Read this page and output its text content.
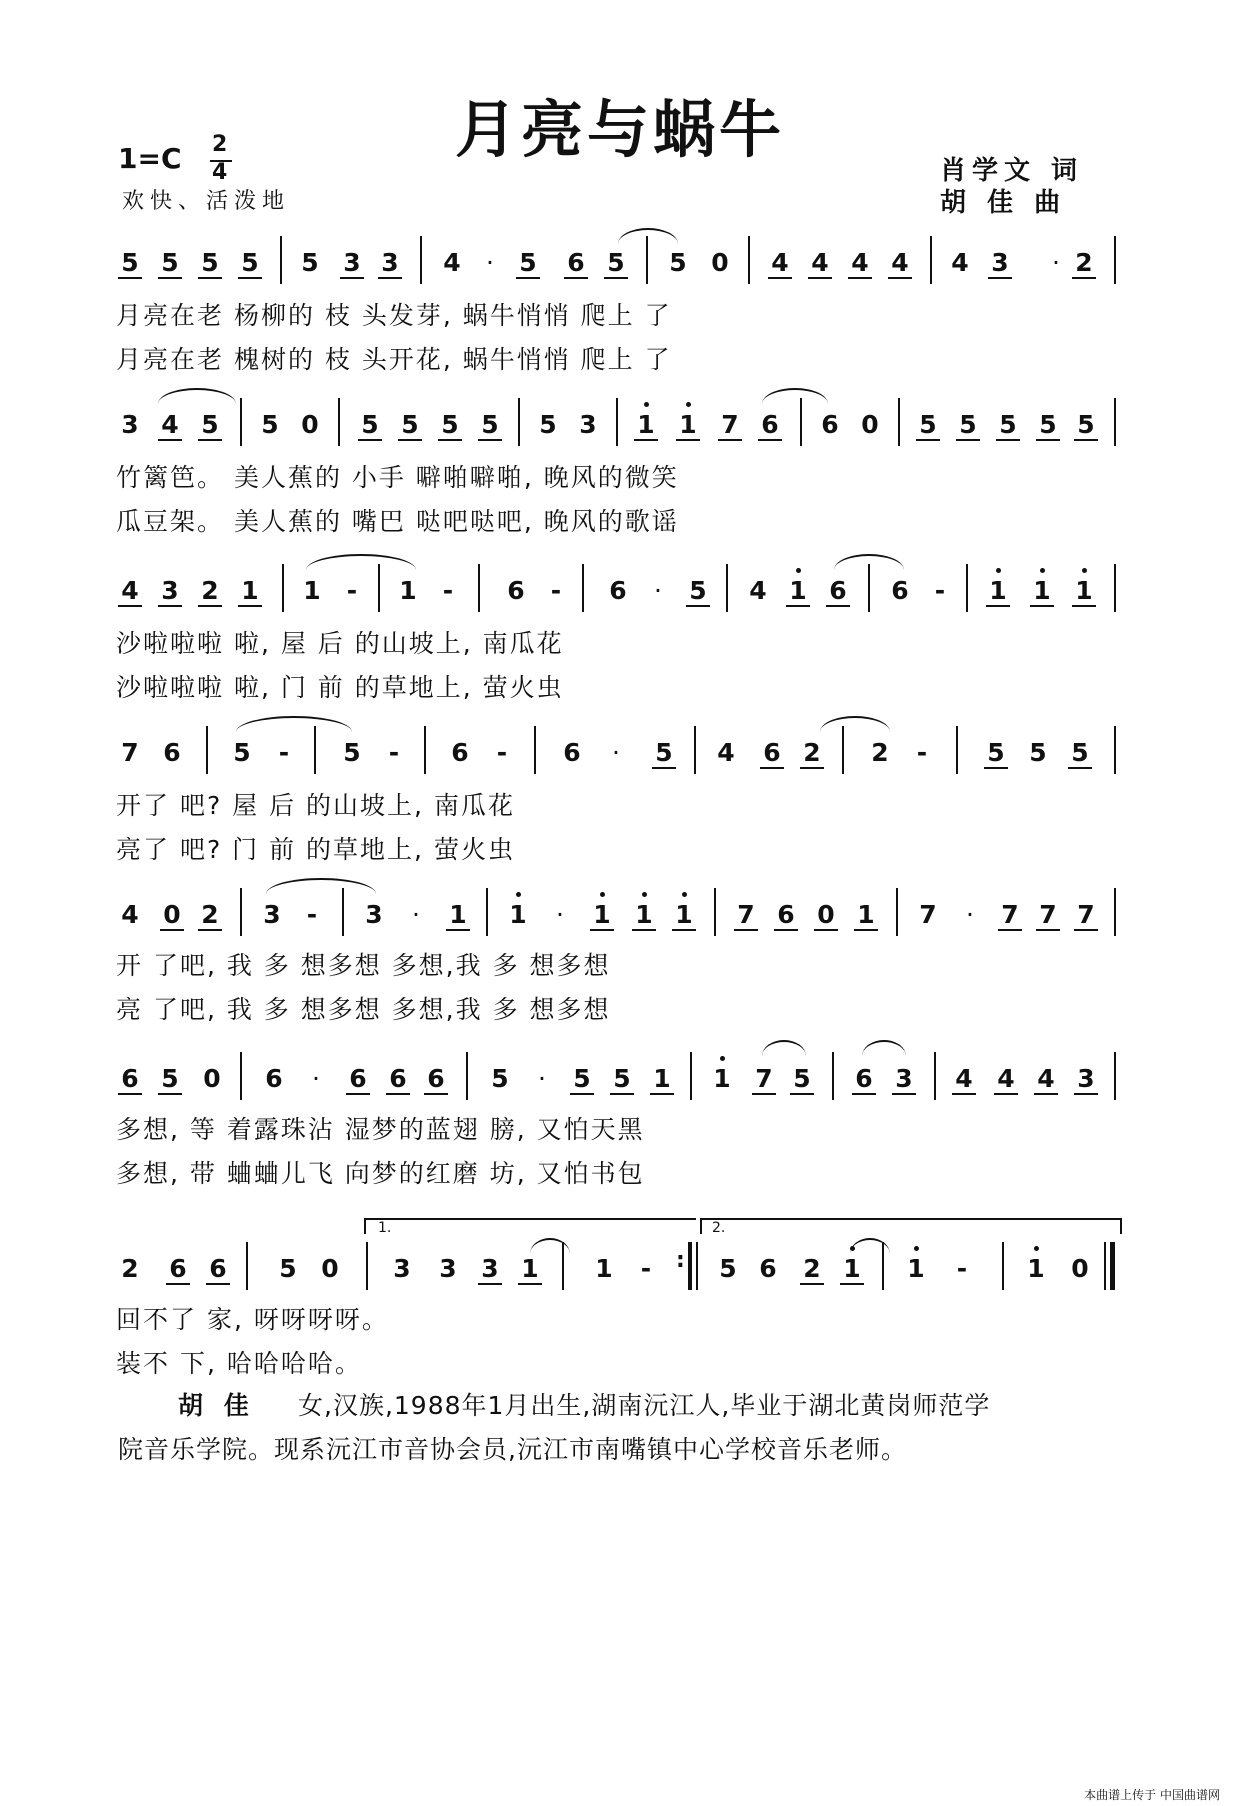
月亮与蜗牛
1=C 2
4
欢快、活泼地
肖学文 词
胡 佳 曲
5 5 5 5 5 3 3 4	·	5 6 5 5 0 4 4 4 4 4 3	· 2
月亮在老 杨柳的 枝 头发芽, 蜗牛悄悄 爬上 了
月亮在老 槐树的 枝 头开花, 蜗牛悄悄 爬上 了
3 4 5 5 0 5 5 5 5 5 3 1 1 7 6 6 0 5 5 5 5 5
竹篱笆。 美人蕉的 小手 噼啪噼啪, 晚风的微笑
瓜豆架。 美人蕉的 嘴巴 哒吧哒吧, 晚风的歌谣
4 3 2 1 1 - 1 - 6 - 6	·	5 4 1 6 6 - 1 1 1
沙啦啦啦 啦, 屋 后 的山坡上, 南瓜花
沙啦啦啦 啦, 门 前 的草地上, 萤火虫
7 6 5 - 5 - 6 - 6	·	5 4 6 2 2 - 5 5 5
开了 吧? 屋 后 的山坡上, 南瓜花
亮了 吧? 门 前 的草地上, 萤火虫
4 0 2 3 - 3	·	1 1	·	1 1 1 7 6 0 1 7	·	7 7 7
开 了吧, 我 多 想多想 多想,我 多 想多想
亮 了吧, 我 多 想多想 多想,我 多 想多想
6 5 0 6	·	6 6 6 5	·	5 5 1 1 7 5 6 3 4 4 4 3
多想, 等 着露珠沾 湿梦的蓝翅 膀, 又怕天黑
多想, 带 蛐蛐儿飞 向梦的红磨 坊, 又怕书包
1.	2.
2 6 6 5 0 3 3 3 1 1 -	: 5 6 2 1 1 - 1 0
回不了 家, 呀呀呀呀。
装不 下, 哈哈哈哈。
胡 佳 女,汉族,1988年1月出生,湖南沅江人,毕业于湖北黄岗师范学
院音乐学院。现系沅江市音协会员,沅江市南嘴镇中心学校音乐老师。
本曲谱上传于 中国曲谱网
